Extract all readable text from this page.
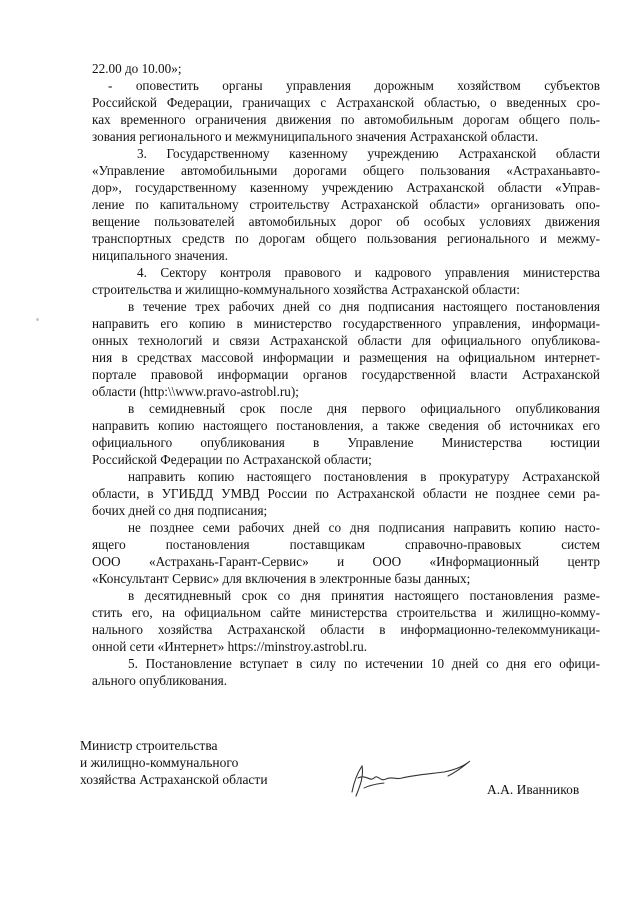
22.00 до 10.00»;
- оповестить органы управления дорожным хозяйством субъектов
Российской Федерации, граничащих с Астраханской областью, о введенных сро-
ках временного ограничения движения по автомобильным дорогам общего поль-
зования регионального и межмуниципального значения Астраханской области.
3. Государственному казенному учреждению Астраханской области
«Управление автомобильными дорогами общего пользования «Астраханьавто-
дор», государственному казенному учреждению Астраханской области «Управ-
ление по капитальному строительству Астраханской области» организовать опо-
вещение пользователей автомобильных дорог об особых условиях движения
транспортных средств по дорогам общего пользования регионального и межму-
ниципального значения.
4. Сектору контроля правового и кадрового управления министерства
строительства и жилищно-коммунального хозяйства Астраханской области:
в течение трех рабочих дней со дня подписания настоящего постановления
направить его копию в министерство государственного управления, информаци-
онных технологий и связи Астраханской области для официального опубликова-
ния в средствах массовой информации и размещения на официальном интернет-
портале правовой информации органов государственной власти Астраханской
области (http:\\www.pravo-astrobl.ru);
в семидневный срок после дня первого официального опубликования
направить копию настоящего постановления, а также сведения об источниках его
официального опубликования в Управление Министерства юстиции
Российской Федерации по Астраханской области;
направить копию настоящего постановления в прокуратуру Астраханской
области, в УГИБДД УМВД России по Астраханской области не позднее семи ра-
бочих дней со дня подписания;
не позднее семи рабочих дней со дня подписания направить копию насто-
ящего постановления поставщикам справочно-правовых систем
ООО «Астрахань-Гарант-Сервис» и ООО «Информационный центр
«Консультант Сервис» для включения в электронные базы данных;
в десятидневный срок со дня принятия настоящего постановления разме-
стить его, на официальном сайте министерства строительства и жилищно-комму-
нального хозяйства Астраханской области в информационно-телекоммуникаци-
онной сети «Интернет» https://minstroy.astrobl.ru.
5. Постановление вступает в силу по истечении 10 дней со дня его офици-
ального опубликования.
Министр строительства
и жилищно-коммунального
хозяйства Астраханской области
А.А. Иванников
